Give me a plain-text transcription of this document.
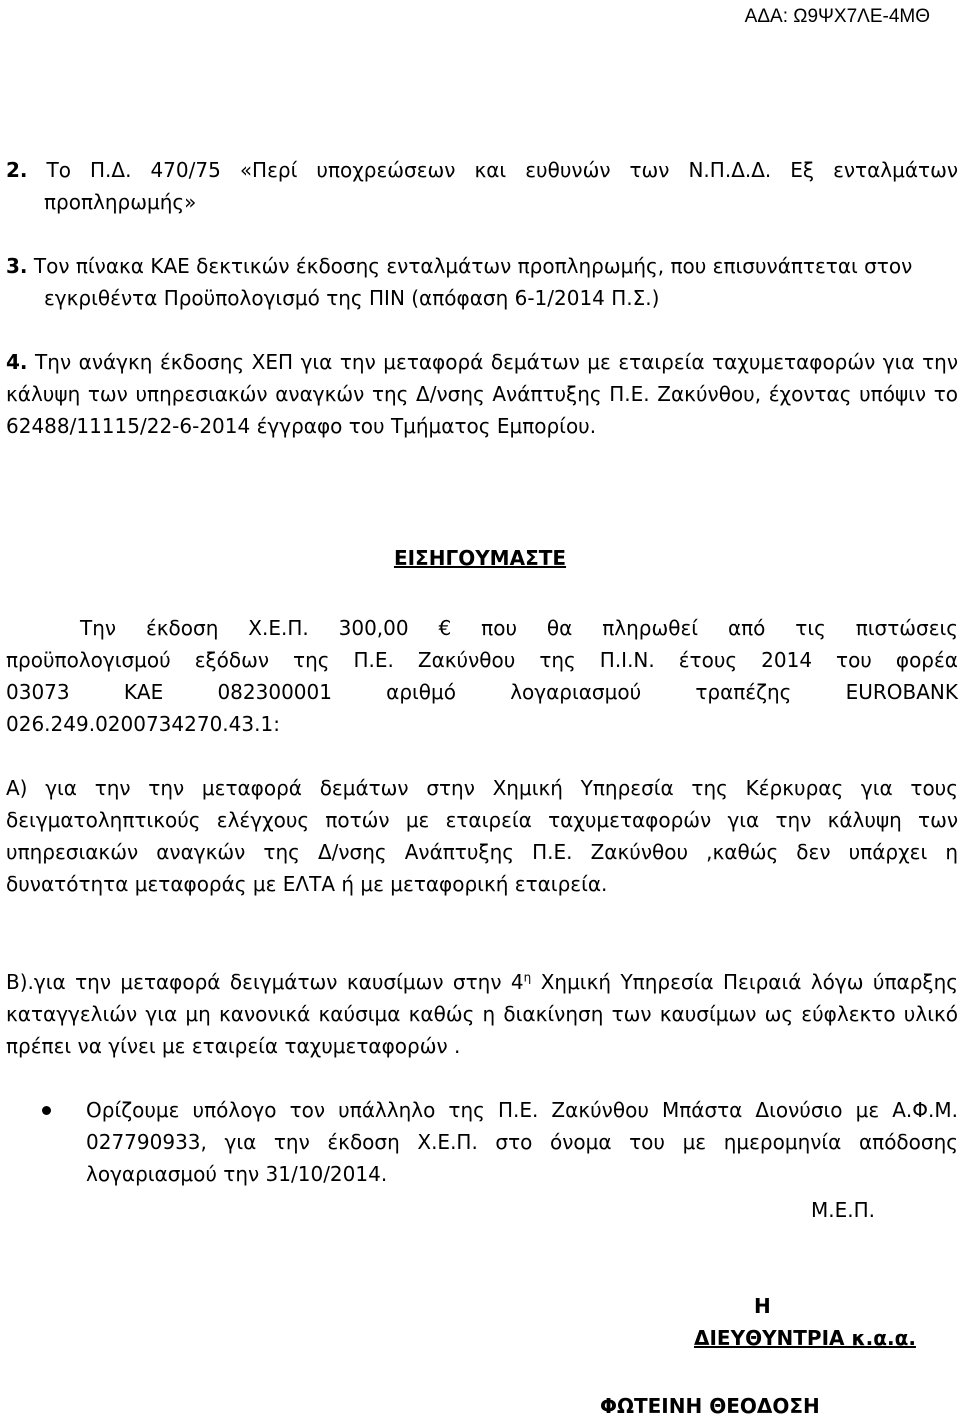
ΑΔΑ: Ω9ΨΧ7ΛΕ-4ΜΘ
2. Το Π.Δ. 470/75 «Περί υποχρεώσεων και ευθυνών των Ν.Π.Δ.Δ. Εξ ενταλμάτων
προπληρωμής»
3. Τον πίνακα ΚΑΕ δεκτικών έκδοσης ενταλμάτων προπληρωμής, που επισυνάπτεται στον
εγκριθέντα Προϋπολογισμό της ΠΙΝ (απόφαση 6-1/2014 Π.Σ.)
4. Την ανάγκη έκδοσης ΧΕΠ για την μεταφορά δεμάτων με εταιρεία ταχυμεταφορών για την κάλυψη των υπηρεσιακών αναγκών της Δ/νσης Ανάπτυξης Π.Ε. Ζακύνθου, έχοντας υπόψιν το 62488/11115/22-6-2014 έγγραφο του Τμήματος Εμπορίου.
ΕΙΣΗΓΟΥΜΑΣΤΕ
Την έκδοση Χ.Ε.Π. 300,00 € που θα πληρωθεί από τις πιστώσεις
προϋπολογισμού εξόδων της Π.Ε. Ζακύνθου της Π.Ι.Ν. έτους 2014 του φορέα
03073 ΚΑΕ 082300001 αριθμό λογαριασμού τραπέζης EUROBANK
026.249.0200734270.43.1:
Α) για την την μεταφορά δεμάτων στην Χημική Υπηρεσία της Κέρκυρας για τους δειγματοληπτικούς ελέγχους ποτών με εταιρεία ταχυμεταφορών για την κάλυψη των υπηρεσιακών αναγκών της Δ/νσης Ανάπτυξης Π.Ε. Ζακύνθου ,καθώς δεν υπάρχει η δυνατότητα μεταφοράς με ΕΛΤΑ ή με μεταφορική εταιρεία.
Β).για την μεταφορά δειγμάτων καυσίμων στην $4^\eta$ Χημική Υπηρεσία Πειραιά λόγω ύπαρξης καταγγελιών για μη κανονικά καύσιμα καθώς η διακίνηση των καυσίμων ως εύφλεκτο υλικό πρέπει να γίνει με εταιρεία ταχυμεταφορών .
Ορίζουμε υπόλογο τον υπάλληλο της Π.Ε. Ζακύνθου Μπάστα Διονύσιο με Α.Φ.Μ. 027790933, για την έκδοση Χ.Ε.Π. στο όνομα του με ημερομηνία απόδοσης λογαριασμού την 31/10/2014.
Μ.Ε.Π.
Η
ΔΙΕΥΘΥΝΤΡΙΑ κ.α.α.
ΦΩΤΕΙΝΗ ΘΕΟΔΟΣΗ
